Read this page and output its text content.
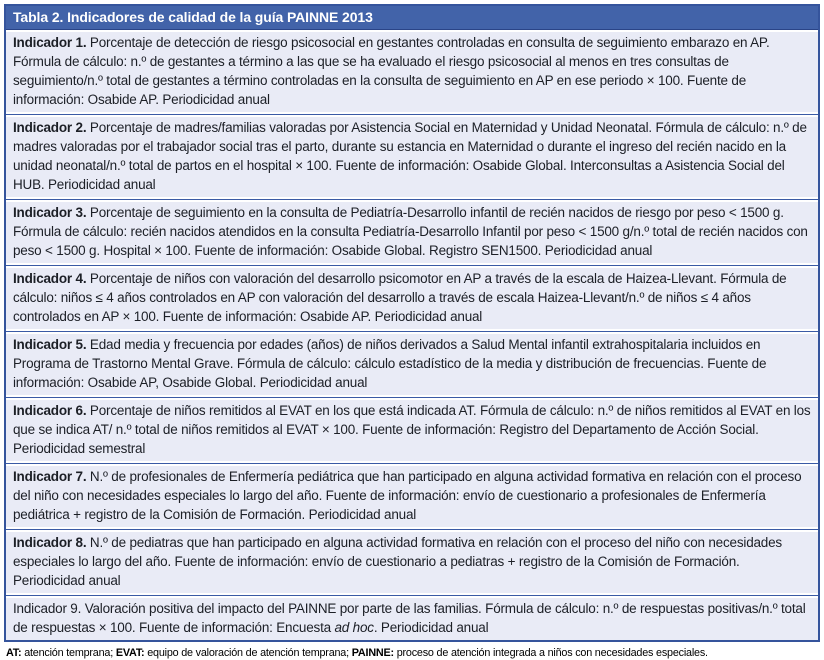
Tabla 2. Indicadores de calidad de la guía PAINNE 2013
Indicador 1. Porcentaje de detección de riesgo psicosocial en gestantes controladas en consulta de seguimiento embarazo en AP. Fórmula de cálculo: n.º de gestantes a término a las que se ha evaluado el riesgo psicosocial al menos en tres consultas de seguimiento/n.º total de gestantes a término controladas en la consulta de seguimiento en AP en ese periodo × 100. Fuente de información: Osabide AP. Periodicidad anual
Indicador 2. Porcentaje de madres/familias valoradas por Asistencia Social en Maternidad y Unidad Neonatal. Fórmula de cálculo: n.º de madres valoradas por el trabajador social tras el parto, durante su estancia en Maternidad o durante el ingreso del recién nacido en la unidad neonatal/n.º total de partos en el hospital × 100. Fuente de información: Osabide Global. Interconsultas a Asistencia Social del HUB. Periodicidad anual
Indicador 3. Porcentaje de seguimiento en la consulta de Pediatría-Desarrollo infantil de recién nacidos de riesgo por peso < 1500 g. Fórmula de cálculo: recién nacidos atendidos en la consulta Pediatría-Desarrollo Infantil por peso < 1500 g/n.º total de recién nacidos con peso < 1500 g. Hospital × 100. Fuente de información: Osabide Global. Registro SEN1500. Periodicidad anual
Indicador 4. Porcentaje de niños con valoración del desarrollo psicomotor en AP a través de la escala de Haizea-Llevant. Fórmula de cálculo: niños ≤ 4 años controlados en AP con valoración del desarrollo a través de escala Haizea-Llevant/n.º de niños ≤ 4 años controlados en AP × 100. Fuente de información: Osabide AP. Periodicidad anual
Indicador 5. Edad media y frecuencia por edades (años) de niños derivados a Salud Mental infantil extrahospitalaria incluidos en Programa de Trastorno Mental Grave. Fórmula de cálculo: cálculo estadístico de la media y distribución de frecuencias. Fuente de información: Osabide AP, Osabide Global. Periodicidad anual
Indicador 6. Porcentaje de niños remitidos al EVAT en los que está indicada AT. Fórmula de cálculo: n.º de niños remitidos al EVAT en los que se indica AT/ n.º total de niños remitidos al EVAT × 100. Fuente de información: Registro del Departamento de Acción Social. Periodicidad semestral
Indicador 7. N.º de profesionales de Enfermería pediátrica que han participado en alguna actividad formativa en relación con el proceso del niño con necesidades especiales lo largo del año. Fuente de información: envío de cuestionario a profesionales de Enfermería pediátrica + registro de la Comisión de Formación. Periodicidad anual
Indicador 8. N.º de pediatras que han participado en alguna actividad formativa en relación con el proceso del niño con necesidades especiales lo largo del año. Fuente de información: envío de cuestionario a pediatras + registro de la Comisión de Formación. Periodicidad anual
Indicador 9. Valoración positiva del impacto del PAINNE por parte de las familias. Fórmula de cálculo: n.º de respuestas positivas/n.º total de respuestas × 100. Fuente de información: Encuesta ad hoc. Periodicidad anual

AT: atención temprana; EVAT: equipo de valoración de atención temprana; PAINNE: proceso de atención integrada a niños con necesidades especiales.
